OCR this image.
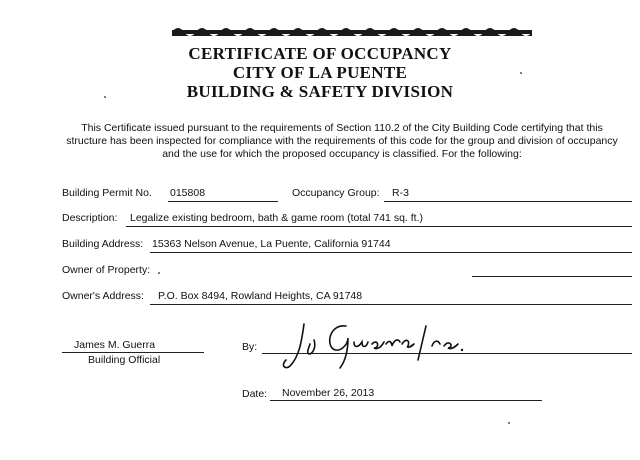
CERTIFICATE OF OCCUPANCY
CITY OF LA PUENTE
BUILDING & SAFETY DIVISION
This Certificate issued pursuant to the requirements of Section 110.2 of the City Building Code certifying that this structure has been inspected for compliance with the requirements of this code for the group and division of occupancy and the use for which the proposed occupancy is classified. For the following:
Building Permit No. 015808	Occupancy Group: R-3
Description: Legalize existing bedroom, bath & game room (total 741 sq. ft.)
Building Address: 15363 Nelson Avenue, La Puente, California 91744
Owner of Property:
Owner's Address: P.O. Box 8494, Rowland Heights, CA 91748
James M. Guerra
Building Official
By:
Date: November 26, 2013
